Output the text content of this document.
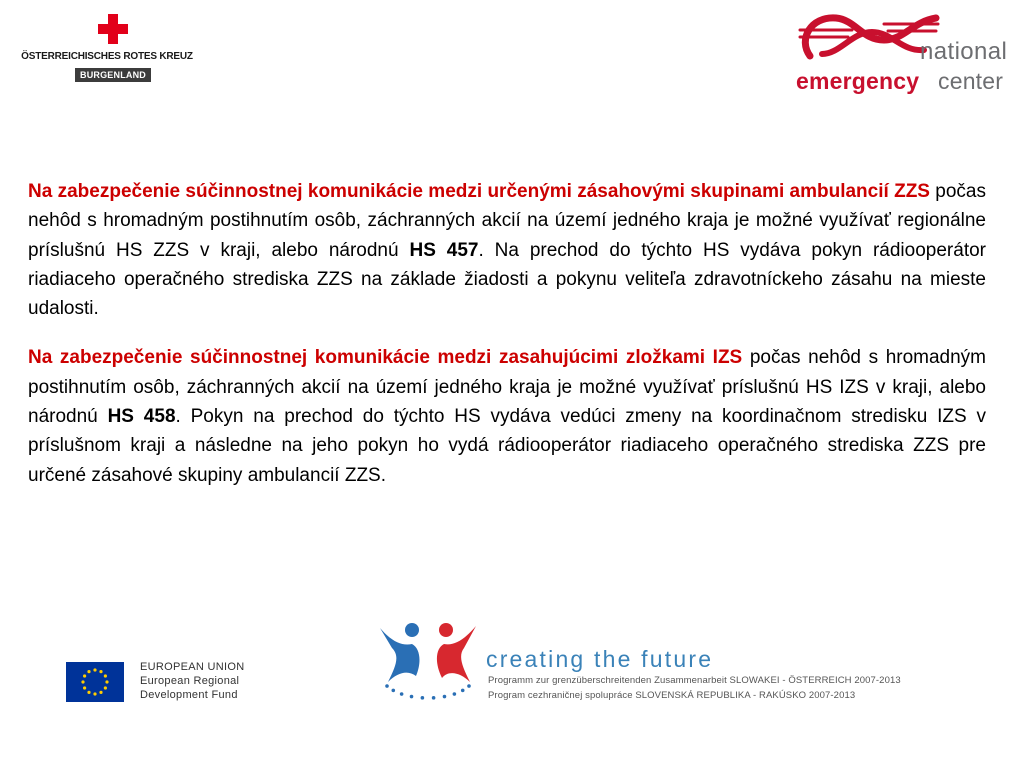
ÖSTERREICHISCHES ROTES KREUZ
BURGENLAND
national
emergency center

Na zabezpečenie súčinnostnej komunikácie medzi určenými zásahovými skupinami ambulancií ZZS počas nehôd s hromadným postihnutím osôb, záchranných akcií na území jedného kraja je možné využívať regionálne príslušnú HS ZZS v kraji, alebo národnú HS 457. Na prechod do týchto HS vydáva pokyn rádiooperátor riadiaceho operačného strediska ZZS na základe žiadosti a pokynu veliteľa zdravotníckeho zásahu na mieste udalosti.

Na zabezpečenie súčinnostnej komunikácie medzi zasahujúcimi zložkami IZS počas nehôd s hromadným postihnutím osôb, záchranných akcií na území jedného kraja je možné využívať príslušnú HS IZS v kraji, alebo národnú HS 458. Pokyn na prechod do týchto HS vydáva vedúci zmeny na koordinačnom stredisku IZS v príslušnom kraji a následne na jeho pokyn ho vydá rádiooperátor riadiaceho operačného strediska ZZS pre určené zásahové skupiny ambulancií ZZS.

EUROPEAN UNION
European Regional
Development Fund
creating the future
Programm zur grenzüberschreitenden Zusammenarbeit SLOWAKEI - ÖSTERREICH 2007-2013
Program cezhraničnej spolupráce SLOVENSKÁ REPUBLIKA - RAKÚSKO 2007-2013
